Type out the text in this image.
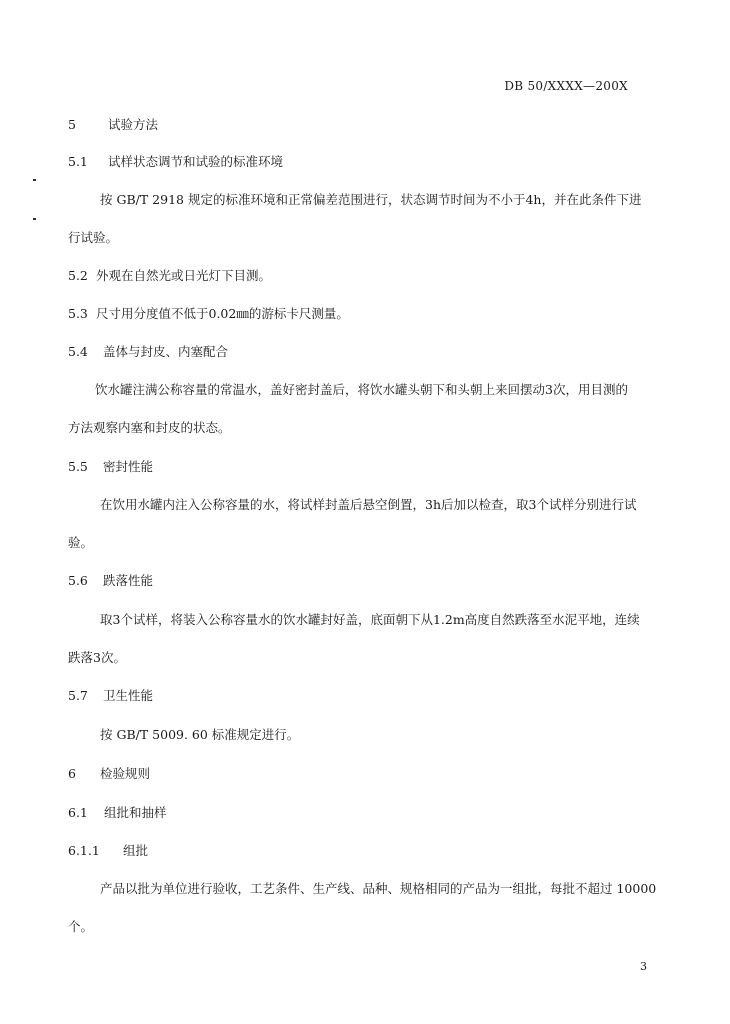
DB 50/XXXX—200X
5	试验方法
5.1 试样状态调节和试验的标准环境
按 GB/T 2918 规定的标准环境和正常偏差范围进行，状态调节时间为不小于4h，并在此条件下进
行试验。
5.2 外观在自然光或日光灯下目测。
5.3 尺寸用分度值不低于0.02㎜的游标卡尺测量。
5.4 盖体与封皮、内塞配合
饮水罐注满公称容量的常温水，盖好密封盖后，将饮水罐头朝下和头朝上来回摆动3次，用目测的
方法观察内塞和封皮的状态。
5.5 密封性能
在饮用水罐内注入公称容量的水，将试样封盖后悬空倒置，3h后加以检查，取3个试样分别进行试
验。
5.6 跌落性能
取3个试样，将装入公称容量水的饮水罐封好盖，底面朝下从1.2m高度自然跌落至水泥平地，连续
跌落3次。
5.7 卫生性能
按 GB/T 5009. 60 标准规定进行。
6 检验规则
6.1 组批和抽样
6.1.1 组批
产品以批为单位进行验收，工艺条件、生产线、品种、规格相同的产品为一组批，每批不超过 10000
个。
3
